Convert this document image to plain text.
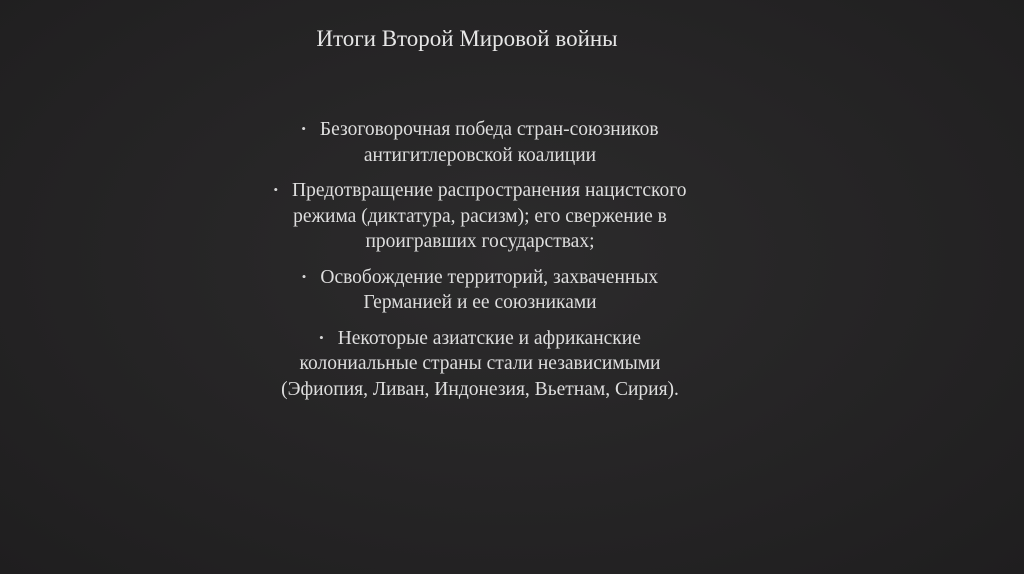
Итоги Второй Мировой войны
• Безоговорочная победа стран-союзников антигитлеровской коалиции
• Предотвращение распространения нацистского режима (диктатура, расизм); его свержение в проигравших государствах;
• Освобождение территорий, захваченных Германией и ее союзниками
• Некоторые азиатские и африканские колониальные страны стали независимыми (Эфиопия, Ливан, Индонезия, Вьетнам, Сирия).
